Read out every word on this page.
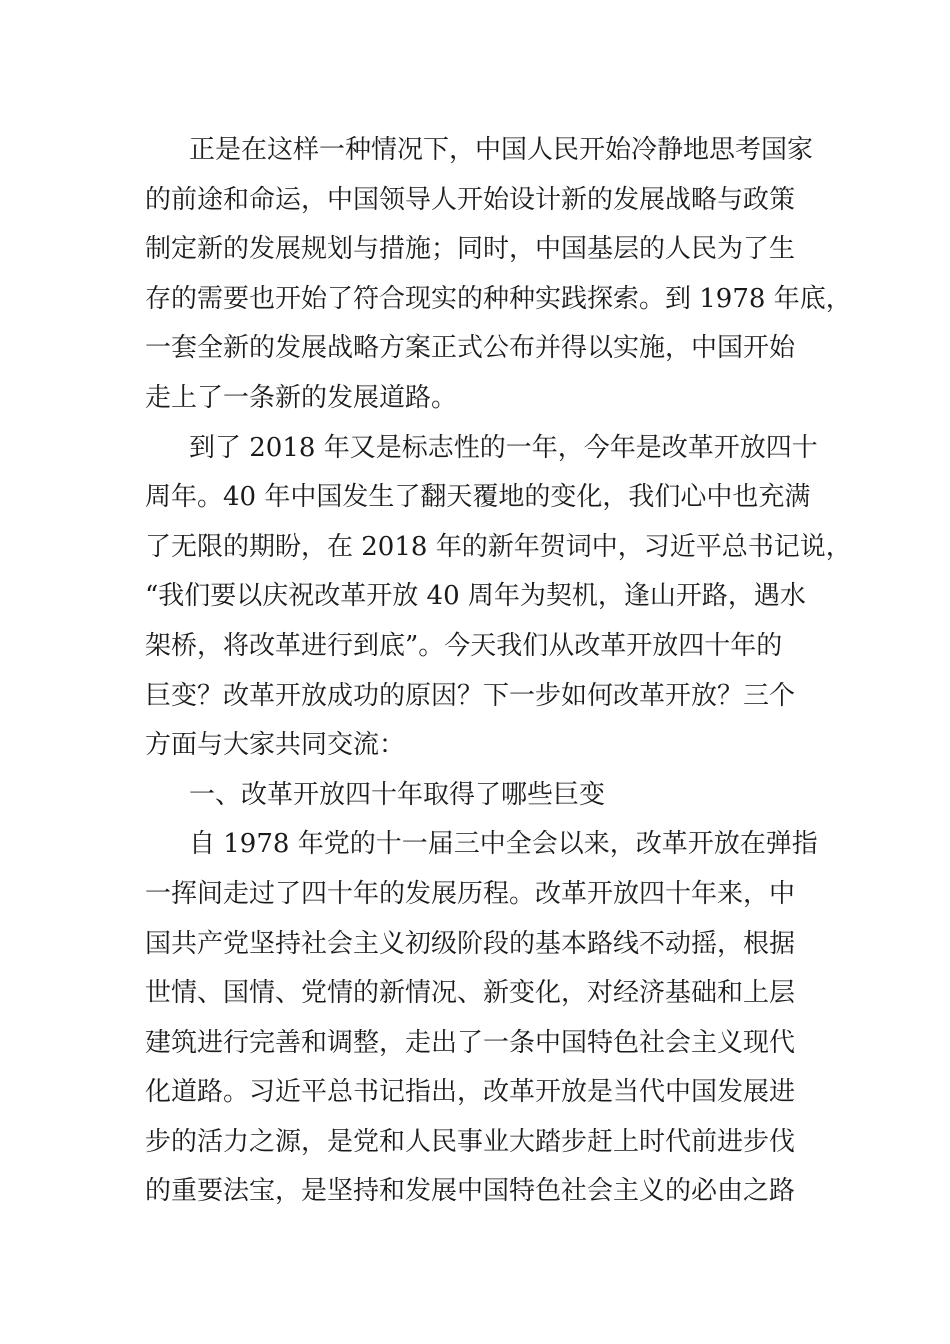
正是在这样一种情况下，中国人民开始冷静地思考国家
的前途和命运，中国领导人开始设计新的发展战略与政策
制定新的发展规划与措施；同时，中国基层的人民为了生
存的需要也开始了符合现实的种种实践探索。到 1978 年底，
一套全新的发展战略方案正式公布并得以实施，中国开始
走上了一条新的发展道路。
到了 2018 年又是标志性的一年，今年是改革开放四十
周年。40 年中国发生了翻天覆地的变化，我们心中也充满
了无限的期盼，在 2018 年的新年贺词中，习近平总书记说，
“我们要以庆祝改革开放 40 周年为契机，逢山开路，遇水
架桥，将改革进行到底”。今天我们从改革开放四十年的
巨变？改革开放成功的原因？下一步如何改革开放？三个
方面与大家共同交流：
一、改革开放四十年取得了哪些巨变
自 1978 年党的十一届三中全会以来，改革开放在弹指
一挥间走过了四十年的发展历程。改革开放四十年来，中
国共产党坚持社会主义初级阶段的基本路线不动摇，根据
世情、国情、党情的新情况、新变化，对经济基础和上层
建筑进行完善和调整，走出了一条中国特色社会主义现代
化道路。习近平总书记指出，改革开放是当代中国发展进
步的活力之源，是党和人民事业大踏步赶上时代前进步伐
的重要法宝，是坚持和发展中国特色社会主义的必由之路
